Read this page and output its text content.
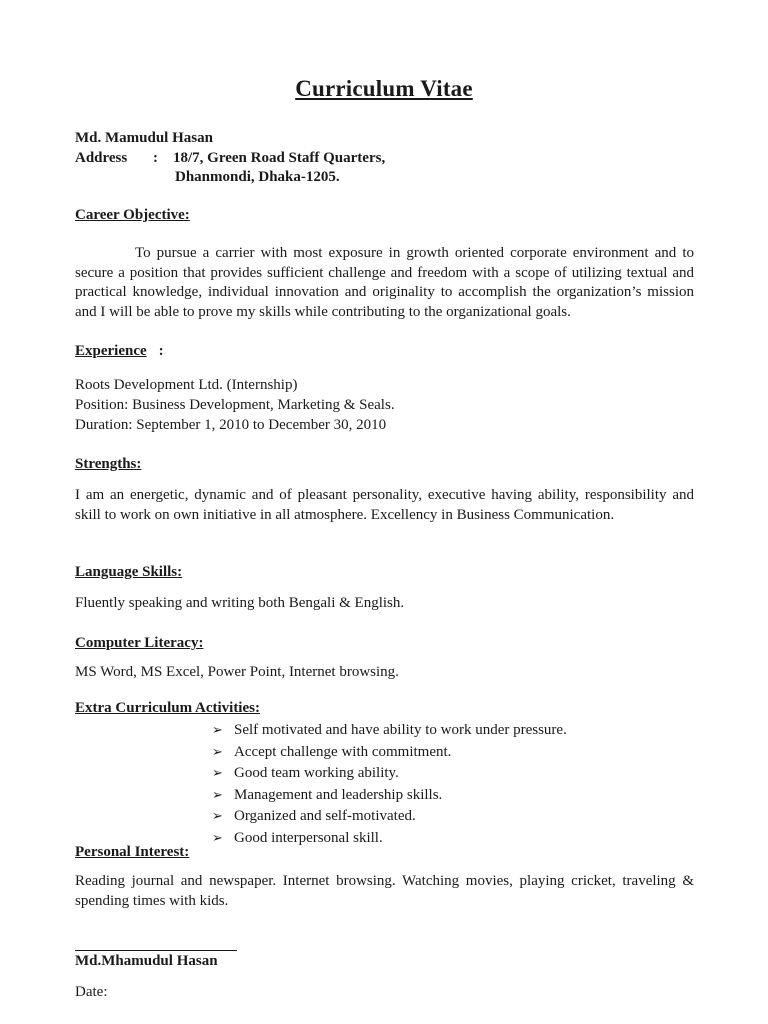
Curriculum Vitae
Md. Mamudul Hasan
Address : 18/7, Green Road Staff Quarters,
Dhanmondi, Dhaka-1205.
Career Objective:
To pursue a carrier with most exposure in growth oriented corporate environment and to secure a position that provides sufficient challenge and freedom with a scope of utilizing textual and practical knowledge, individual innovation and originality to accomplish the organization’s mission and I will be able to prove my skills while contributing to the organizational goals.
Experience :
Roots Development Ltd. (Internship)
Position: Business Development, Marketing & Seals.
Duration: September 1, 2010 to December 30, 2010
Strengths:
I am an energetic, dynamic and of pleasant personality, executive having ability, responsibility and skill to work on own initiative in all atmosphere. Excellency in Business Communication.
Language Skills:
Fluently speaking and writing both Bengali & English.
Computer Literacy:
MS Word, MS Excel, Power Point, Internet browsing.
Extra Curriculum Activities:
➢ Self motivated and have ability to work under pressure.
➢ Accept challenge with commitment.
➢ Good team working ability.
➢ Management and leadership skills.
➢ Organized and self-motivated.
➢ Good interpersonal skill.
Personal Interest:
Reading journal and newspaper. Internet browsing. Watching movies, playing cricket, traveling & spending times with kids.
Md.Mhamudul Hasan
Date:
